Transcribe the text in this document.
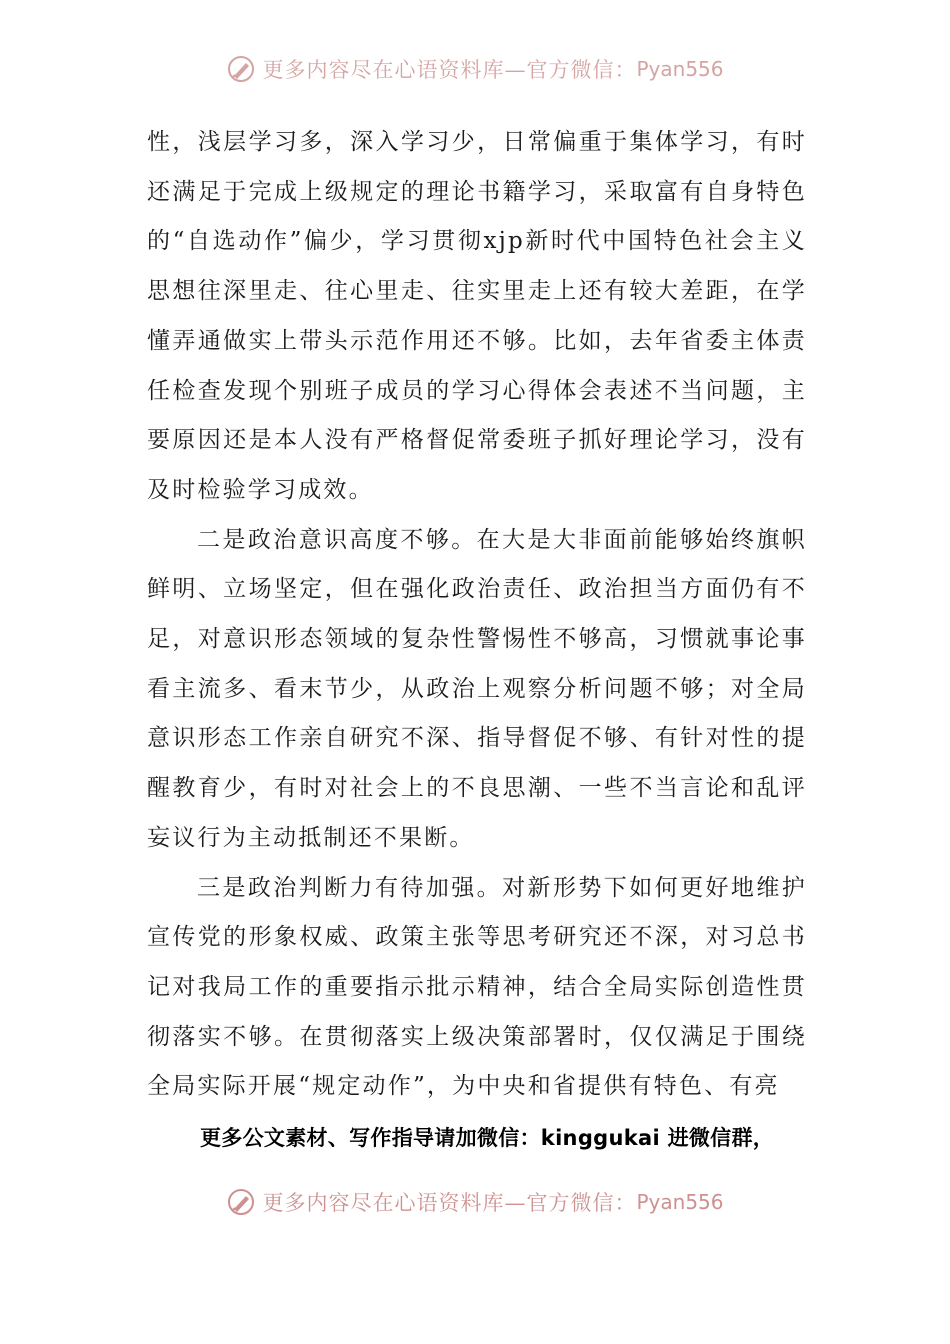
更多内容尽在心语资料库—官方微信： Pyan556

性，浅层学习多，深入学习少，日常偏重于集体学习，有时还满足于完成上级规定的理论书籍学习，采取富有自身特色的“自选动作”偏少，学习贯彻xjp新时代中国特色社会主义思想往深里走、往心里走、往实里走上还有较大差距，在学懂弄通做实上带头示范作用还不够。比如，去年省委主体责任检查发现个别班子成员的学习心得体会表述不当问题，主要原因还是本人没有严格督促常委班子抓好理论学习，没有及时检验学习成效。

二是政治意识高度不够。在大是大非面前能够始终旗帜鲜明、立场坚定，但在强化政治责任、政治担当方面仍有不足，对意识形态领域的复杂性警惕性不够高，习惯就事论事看主流多、看末节少，从政治上观察分析问题不够；对全局意识形态工作亲自研究不深、指导督促不够、有针对性的提醒教育少，有时对社会上的不良思潮、一些不当言论和乱评妄议行为主动抵制还不果断。

三是政治判断力有待加强。对新形势下如何更好地维护宣传党的形象权威、政策主张等思考研究还不深，对习总书记对我局工作的重要指示批示精神，结合全局实际创造性贯彻落实不够。在贯彻落实上级决策部署时，仅仅满足于围绕全局实际开展“规定动作”，为中央和省提供有特色、有亮

更多公文素材、写作指导请加微信：kinggukai 进微信群，
更多内容尽在心语资料库—官方微信： Pyan556
